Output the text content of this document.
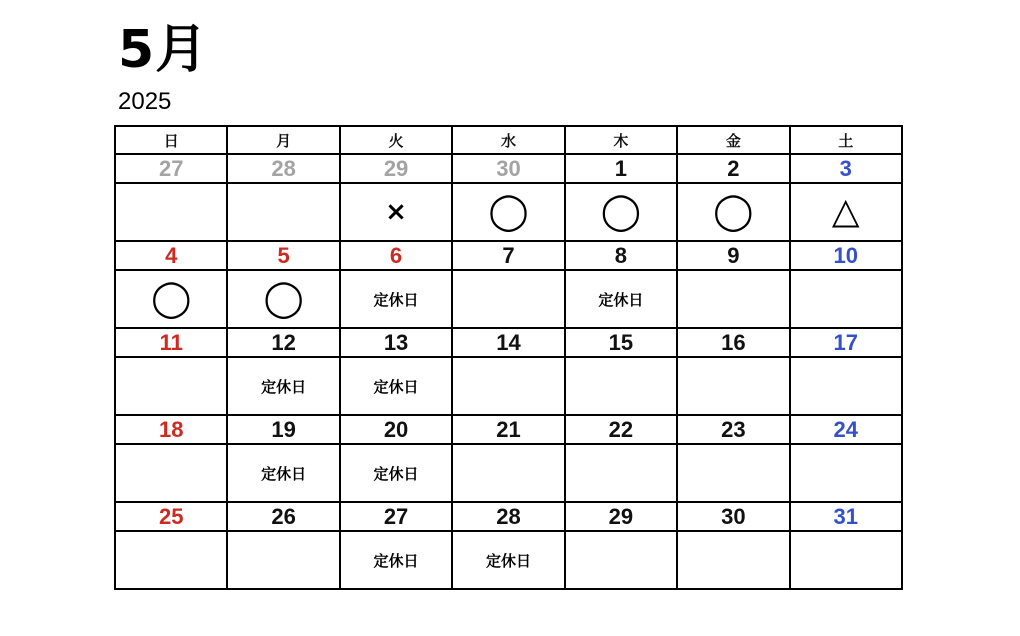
5月
2025
日	月	火	水	木	金	土
27	28	29	30	1	2	3
		×	◯	◯	◯	△
4	5	6	7	8	9	10
◯	◯	定休日		定休日		
11	12	13	14	15	16	17
	定休日	定休日				
18	19	20	21	22	23	24
	定休日	定休日				
25	26	27	28	29	30	31
		定休日	定休日			
